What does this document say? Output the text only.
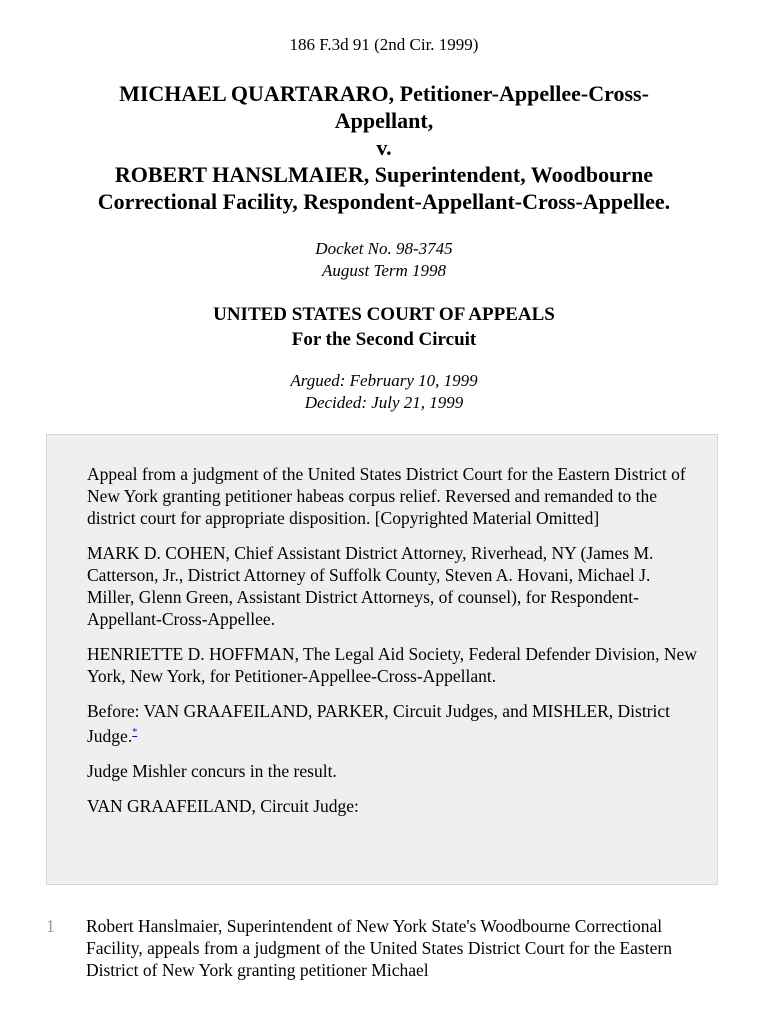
186 F.3d 91 (2nd Cir. 1999)
MICHAEL QUARTARARO, Petitioner-Appellee-Cross-
Appellant,
v.
ROBERT HANSLMAIER, Superintendent, Woodbourne
Correctional Facility, Respondent-Appellant-Cross-Appellee.
Docket No. 98-3745
August Term 1998
UNITED STATES COURT OF APPEALS
For the Second Circuit
Argued: February 10, 1999
Decided: July 21, 1999

Appeal from a judgment of the United States District Court for the Eastern District of New York granting petitioner habeas corpus relief. Reversed and remanded to the district court for appropriate disposition. [Copyrighted Material Omitted]

MARK D. COHEN, Chief Assistant District Attorney, Riverhead, NY (James M. Catterson, Jr., District Attorney of Suffolk County, Steven A. Hovani, Michael J. Miller, Glenn Green, Assistant District Attorneys, of counsel), for Respondent-Appellant-Cross-Appellee.

HENRIETTE D. HOFFMAN, The Legal Aid Society, Federal Defender Division, New York, New York, for Petitioner-Appellee-Cross-Appellant.

Before: VAN GRAAFEILAND, PARKER, Circuit Judges, and MISHLER, District Judge.*

Judge Mishler concurs in the result.

VAN GRAAFEILAND, Circuit Judge:

1 Robert Hanslmaier, Superintendent of New York State's Woodbourne Correctional Facility, appeals from a judgment of the United States District Court for the Eastern District of New York granting petitioner Michael
